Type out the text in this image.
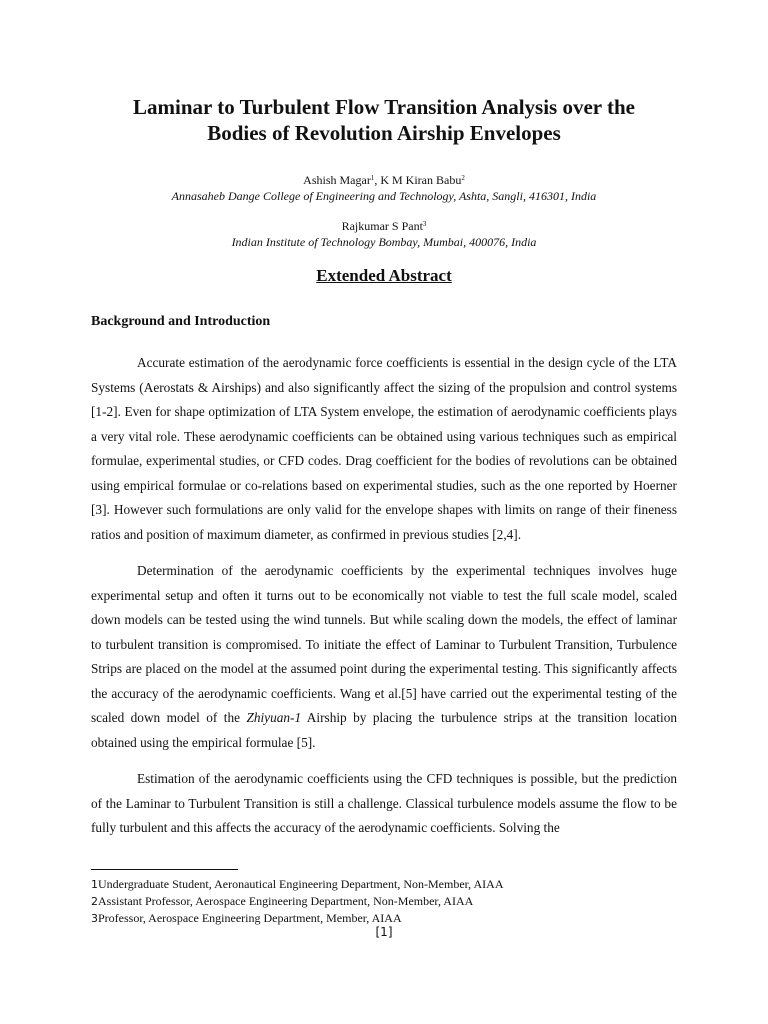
Laminar to Turbulent Flow Transition Analysis over the
Bodies of Revolution Airship Envelopes
Ashish Magar$^1$, K M Kiran Babu$^2$
Annasaheb Dange College of Engineering and Technology, Ashta, Sangli, 416301, India
Rajkumar S Pant$^3$
Indian Institute of Technology Bombay, Mumbai, 400076, India
Extended Abstract
Background and Introduction

Accurate estimation of the aerodynamic force coefficients is essential in the design cycle of the LTA Systems (Aerostats & Airships) and also significantly affect the sizing of the propulsion and control systems [1-2]. Even for shape optimization of LTA System envelope, the estimation of aerodynamic coefficients plays a very vital role. These aerodynamic coefficients can be obtained using various techniques such as empirical formulae, experimental studies, or CFD codes. Drag coefficient for the bodies of revolutions can be obtained using empirical formulae or co-relations based on experimental studies, such as the one reported by Hoerner [3]. However such formulations are only valid for the envelope shapes with limits on range of their fineness ratios and position of maximum diameter, as confirmed in previous studies [2,4].

Determination of the aerodynamic coefficients by the experimental techniques involves huge experimental setup and often it turns out to be economically not viable to test the full scale model, scaled down models can be tested using the wind tunnels. But while scaling down the models, the effect of laminar to turbulent transition is compromised. To initiate the effect of Laminar to Turbulent Transition, Turbulence Strips are placed on the model at the assumed point during the experimental testing. This significantly affects the accuracy of the aerodynamic coefficients. Wang et al.[5] have carried out the experimental testing of the scaled down model of the Zhiyuan-1 Airship by placing the turbulence strips at the transition location obtained using the empirical formulae [5].

Estimation of the aerodynamic coefficients using the CFD techniques is possible, but the prediction of the Laminar to Turbulent Transition is still a challenge. Classical turbulence models assume the flow to be fully turbulent and this affects the accuracy of the aerodynamic coefficients. Solving the

1Undergraduate Student, Aeronautical Engineering Department, Non-Member, AIAA
2Assistant Professor, Aerospace Engineering Department, Non-Member, AIAA
3Professor, Aerospace Engineering Department, Member, AIAA
[1]
